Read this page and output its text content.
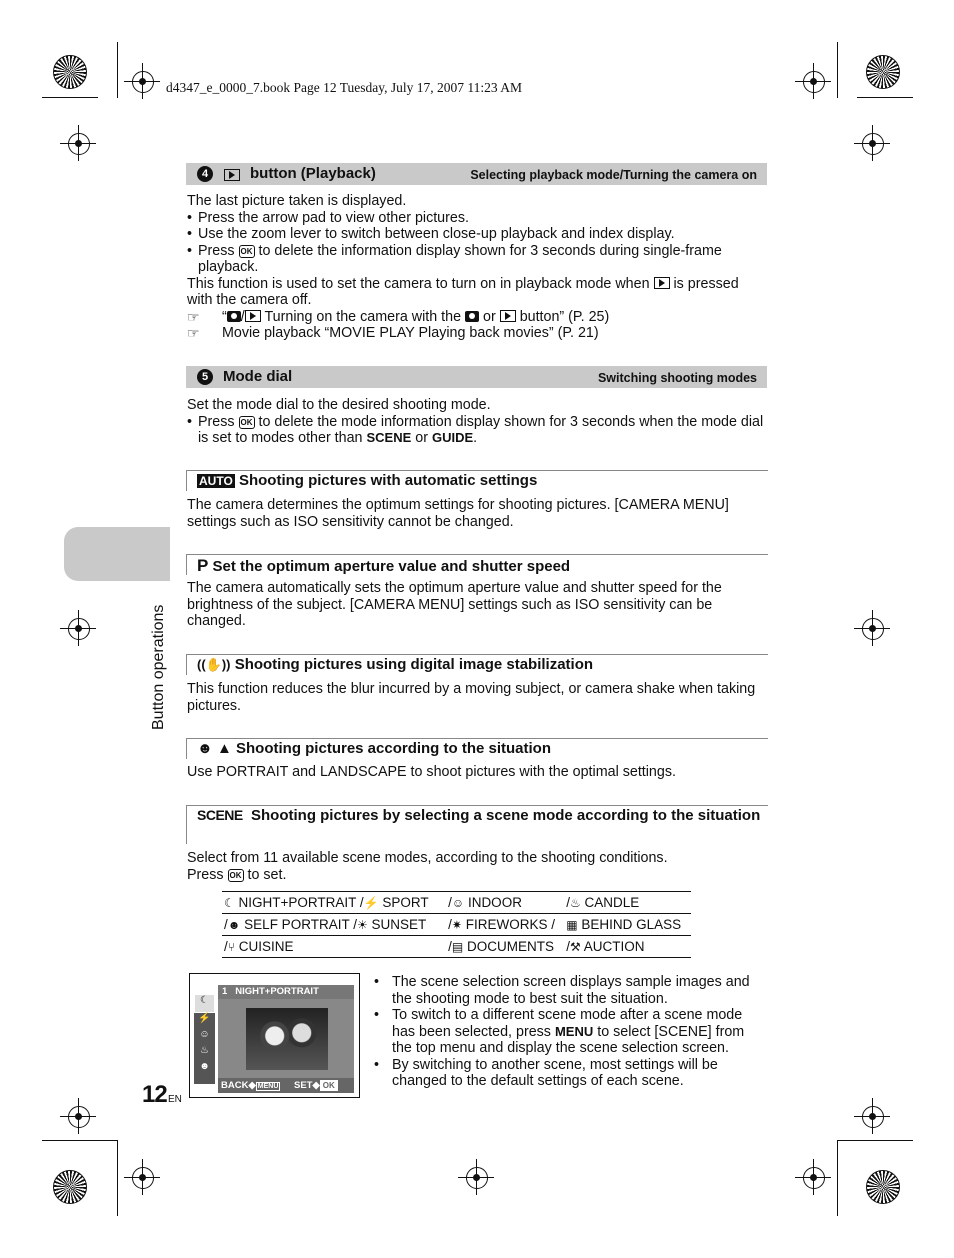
d4347_e_0000_7.book Page 12 Tuesday, July 17, 2007 11:23 AM
Button operations
4	button (Playback)	Selecting playback mode/Turning the camera on
The last picture taken is displayed.
• Press the arrow pad to view other pictures.
• Use the zoom lever to switch between close-up playback and index display.
• Press OK to delete the information display shown for 3 seconds during single-frame playback.
This function is used to set the camera to turn on in playback mode when is pressed with the camera off.
☞ “ / Turning on the camera with the or button” (P. 25)
☞ Movie playback “MOVIE PLAY Playing back movies” (P. 21)
5 Mode dial	Switching shooting modes
Set the mode dial to the desired shooting mode.
• Press OK to delete the mode information display shown for 3 seconds when the mode dial is set to modes other than SCENE or GUIDE.
AUTO Shooting pictures with automatic settings
The camera determines the optimum settings for shooting pictures. [CAMERA MENU] settings such as ISO sensitivity cannot be changed.
P Set the optimum aperture value and shutter speed
The camera automatically sets the optimum aperture value and shutter speed for the brightness of the subject. [CAMERA MENU] settings such as ISO sensitivity can be changed.
((✋)) Shooting pictures using digital image stabilization
This function reduces the blur incurred by a moving subject, or camera shake when taking pictures.
☻ ▲ Shooting pictures according to the situation
Use PORTRAIT and LANDSCAPE to shoot pictures with the optimal settings.
SCENE Shooting pictures by selecting a scene mode according to the situation
Select from 11 available scene modes, according to the shooting conditions.
Press OK to set.
☾ NIGHT+PORTRAIT /⚡ SPORT	/☺ INDOOR	/♨ CANDLE
/☻ SELF PORTRAIT /☀ SUNSET	/✷ FIREWORKS /	▦ BEHIND GLASS
/⑂ CUISINE	/▤ DOCUMENTS	/⚒ AUCTION
1 NIGHT+PORTRAIT
☾
⚡
☺
♨
☻
BACK◆ MENU SET◆ OK
• The scene selection screen displays sample images and the shooting mode to best suit the situation.
• To switch to a different scene mode after a scene mode has been selected, press MENU to select [SCENE] from the top menu and display the scene selection screen.
• By switching to another scene, most settings will be changed to the default settings of each scene.
12 EN
